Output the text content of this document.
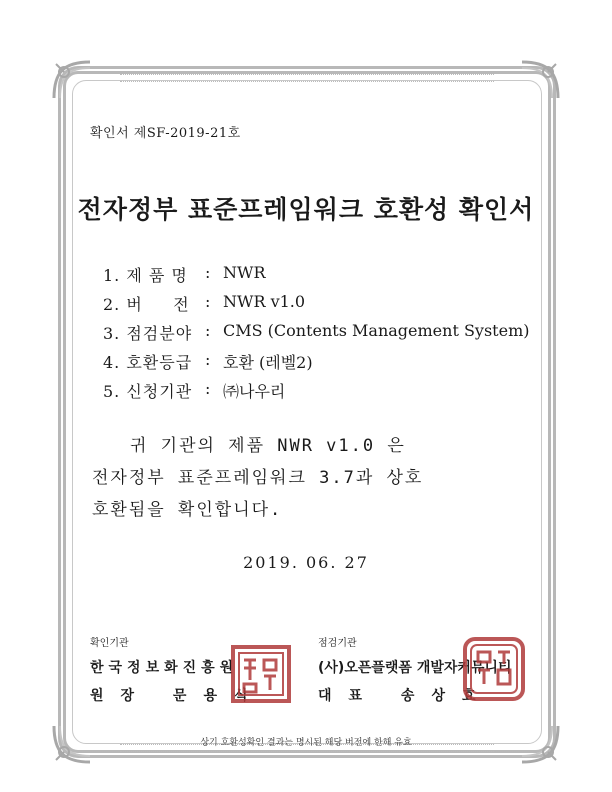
확인서 제SF-2019-21호
전자정부 표준프레임워크 호환성 확인서
1. 제 품 명 : NWR
2. 버     전 : NWR v1.0
3. 점검분야 : CMS (Contents Management System)
4. 호환등급 : 호환 (레벨2)
5. 신청기관 : ㈜나우리
귀 기관의 제품 NWR v1.0 은
전자정부 표준프레임워크 3.7과 상호
호환됨을 확인합니다.
2019. 06. 27
확인기관
한국정보화진흥원
원장 문용식
점검기관
(사)오픈플랫폼 개발자커뮤니티
대표 송상효
상기 호환성확인 결과는 명시된 해당 버전에 한해 유효
